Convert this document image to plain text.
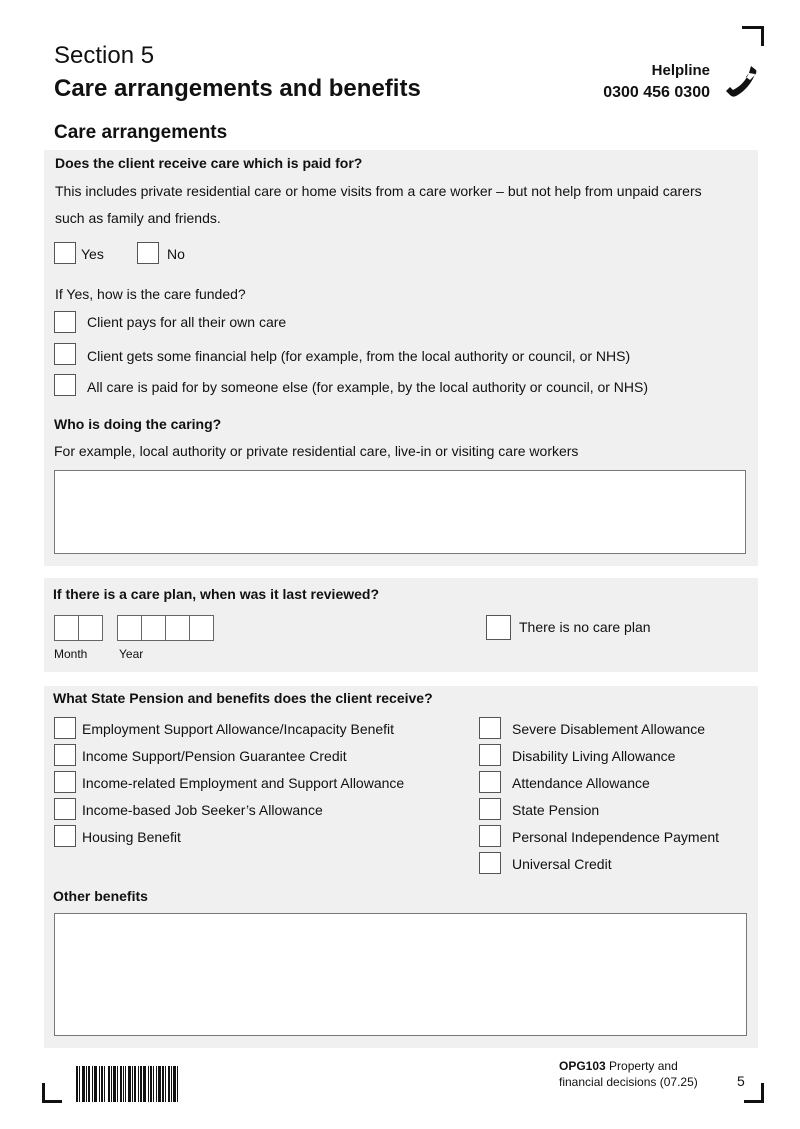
Section 5
Care arrangements and benefits
Helpline
0300 456 0300
Care arrangements
Does the client receive care which is paid for?
This includes private residential care or home visits from a care worker – but not help from unpaid carers
such as family and friends.
Yes	No
If Yes, how is the care funded?
Client pays for all their own care
Client gets some financial help (for example, from the local authority or council, or NHS)
All care is paid for by someone else (for example, by the local authority or council, or NHS)
Who is doing the caring?
For example, local authority or private residential care, live-in or visiting care workers
If there is a care plan, when was it last reviewed?
Month	Year
There is no care plan
What State Pension and benefits does the client receive?
Employment Support Allowance/Incapacity Benefit
Income Support/Pension Guarantee Credit
Income-related Employment and Support Allowance
Income-based Job Seeker’s Allowance
Housing Benefit
Severe Disablement Allowance
Disability Living Allowance
Attendance Allowance
State Pension
Personal Independence Payment
Universal Credit
Other benefits
OPG103 Property and
financial decisions (07.25)	5
